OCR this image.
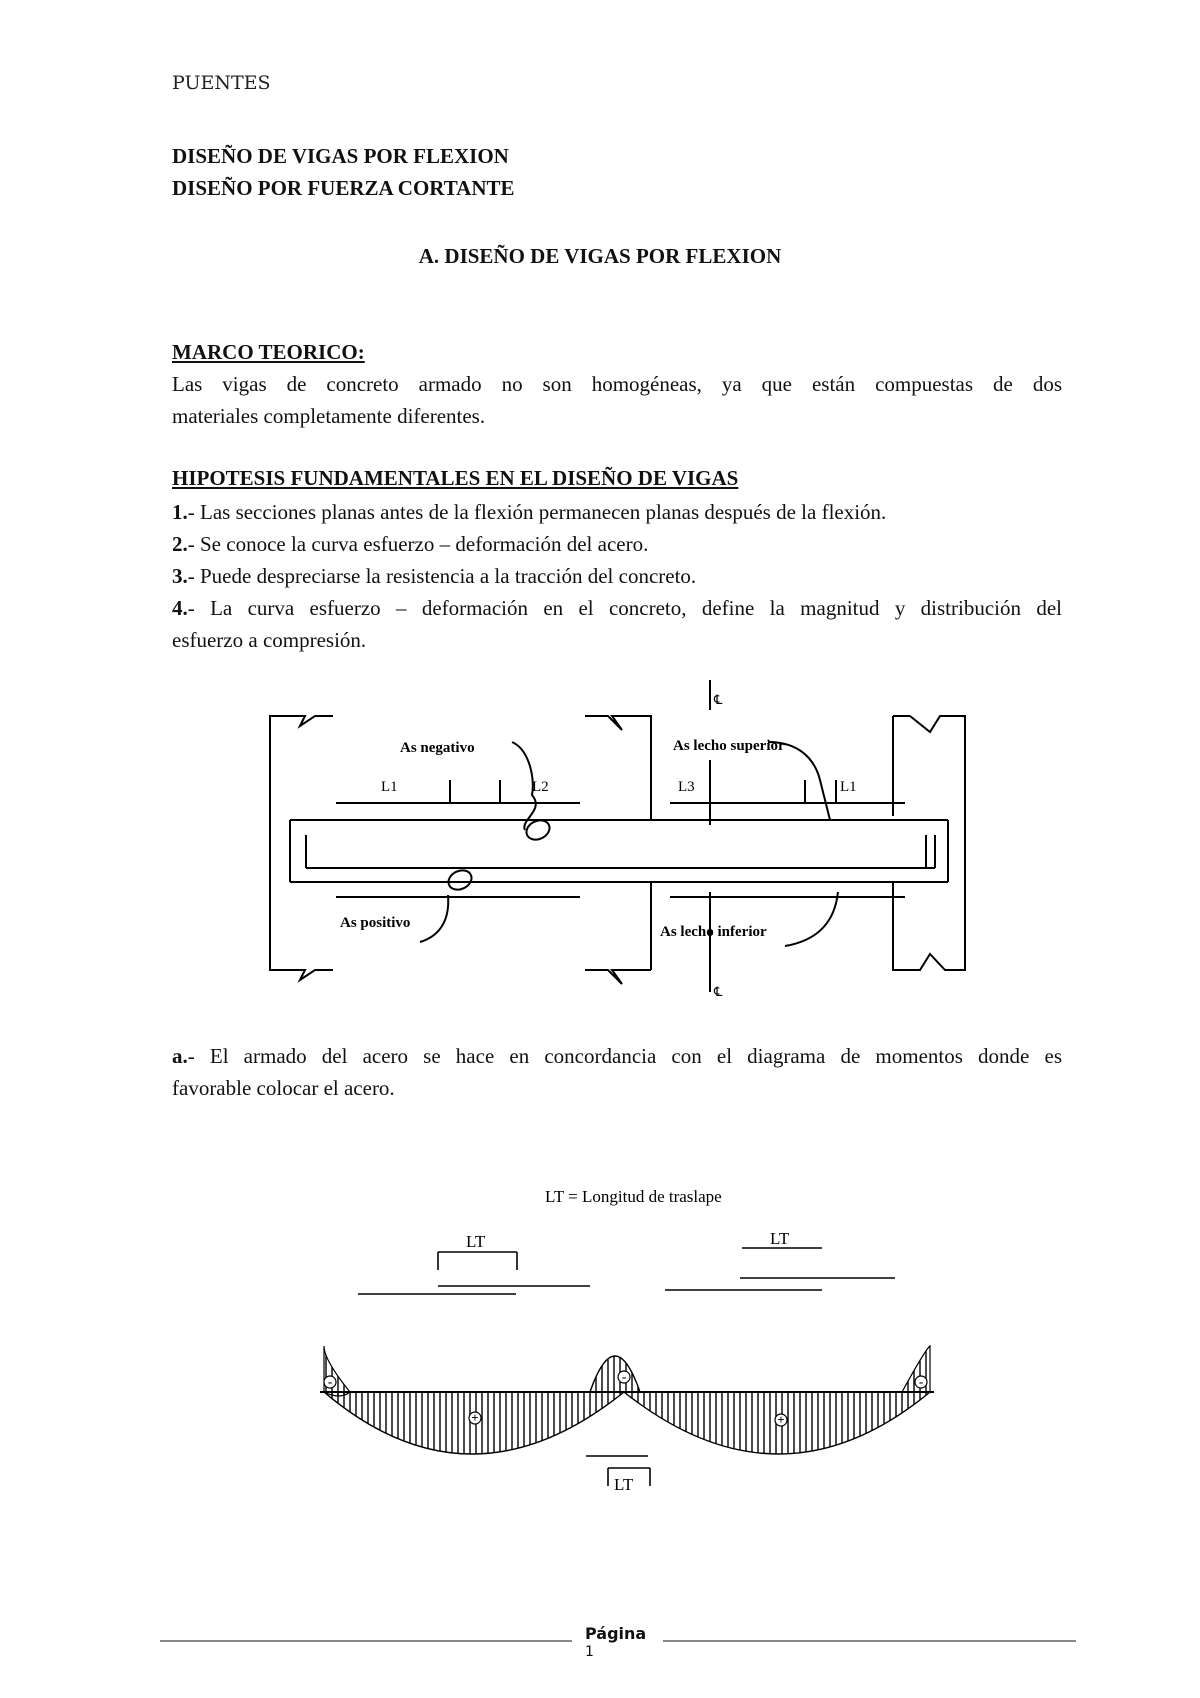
PUENTES
DISEÑO DE VIGAS POR FLEXION
DISEÑO POR FUERZA CORTANTE
A. DISEÑO DE VIGAS POR FLEXION
MARCO TEORICO:
Las vigas de concreto armado no son homogéneas, ya que están compuestas de dos
materiales completamente diferentes.
HIPOTESIS FUNDAMENTALES EN EL DISEÑO DE VIGAS
1.- Las secciones planas antes de la flexión permanecen planas después de la flexión.
2.- Se conoce la curva esfuerzo – deformación del acero.
3.- Puede despreciarse la resistencia a la tracción del concreto.
4.- La curva esfuerzo – deformación en el concreto, define la magnitud y distribución del
esfuerzo a compresión.
As negativo	As lecho superior
As positivo
As lecho inferior
L1	L2	L3	L1
℄
℄
a.- El armado del acero se hace en concordancia con el diagrama de momentos donde es
favorable colocar el acero.
LT = Longitud de traslape
LT	LT
LT
-	-	-
+	+
Página
1
